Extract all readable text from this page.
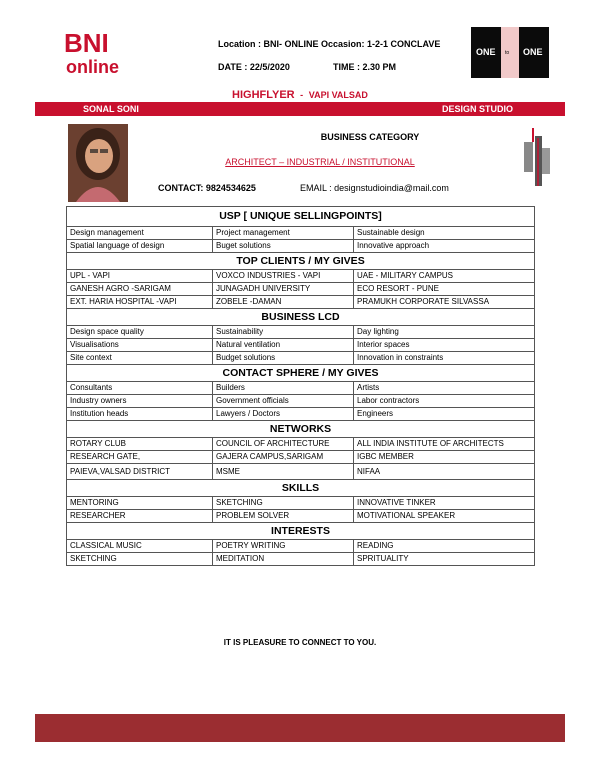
BNI
online
Location : BNI- ONLINE Occasion: 1-2-1 CONCLAVE
DATE : 22/5/2020	TIME : 2.30 PM
ONE to ONE
HIGHFLYER - VAPI VALSAD
SONAL SONI	DESIGN STUDIO
BUSINESS CATEGORY
ARCHITECT – INDUSTRIAL / INSTITUTIONAL
CONTACT: 9824534625	EMAIL : designstudioindia@mail.com
USP [ UNIQUE SELLINGPOINTS]		
Design management	Project management	Sustainable design
Spatial language of design	Buget solutions	Innovative approach
TOP CLIENTS / MY GIVES		
UPL - VAPI	VOXCO INDUSTRIES - VAPI	UAE - MILITARY CAMPUS
GANESH AGRO -SARIGAM	JUNAGADH UNIVERSITY	ECO RESORT - PUNE
EXT. HARIA HOSPITAL -VAPI	ZOBELE -DAMAN	PRAMUKH CORPORATE SILVASSA
BUSINESS LCD		
Design space quality	Sustainability	Day lighting
Visualisations	Natural ventilation	Interior spaces
Site context	Budget solutions	Innovation in constraints
CONTACT SPHERE / MY GIVES		
Consultants	Builders	Artists
Industry owners	Government officials	Labor contractors
Institution heads	Lawyers / Doctors	Engineers
NETWORKS		
ROTARY CLUB	COUNCIL OF ARCHITECTURE	ALL INDIA INSTITUTE OF ARCHITECTS
RESEARCH GATE,	GAJERA CAMPUS,SARIGAM	IGBC MEMBER
PAIEVA,VALSAD DISTRICT	MSME	NIFAA
SKILLS		
MENTORING	SKETCHING	INNOVATIVE TINKER
RESEARCHER	PROBLEM SOLVER	MOTIVATIONAL SPEAKER
INTERESTS		
CLASSICAL MUSIC	POETRY WRITING	READING
SKETCHING	MEDITATION	SPRITUALITY
IT IS PLEASURE TO CONNECT TO YOU.
